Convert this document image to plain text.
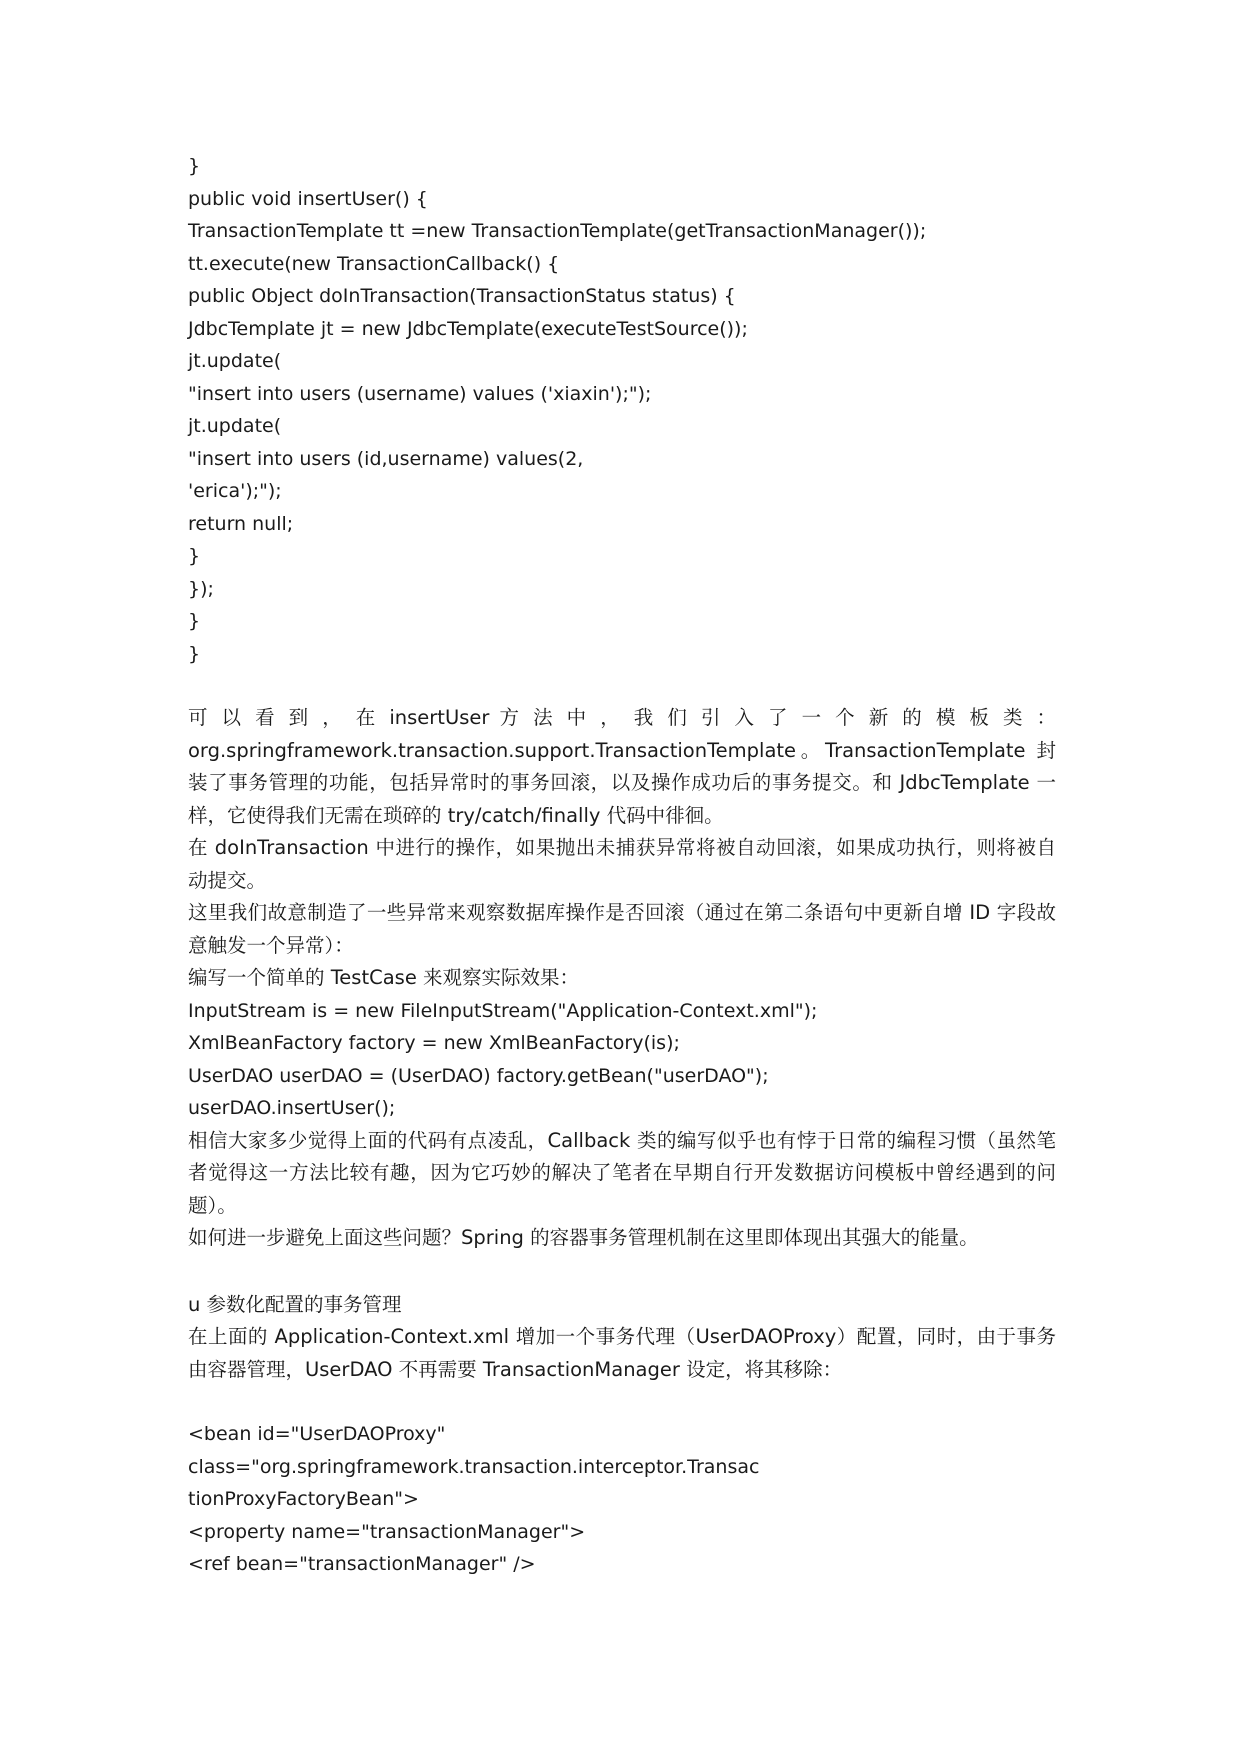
}
public void insertUser() {
TransactionTemplate tt =new TransactionTemplate(getTransactionManager());
tt.execute(new TransactionCallback() {
public Object doInTransaction(TransactionStatus status) {
JdbcTemplate jt = new JdbcTemplate(executeTestSource());
jt.update(
"insert into users (username) values ('xiaxin');");
jt.update(
"insert into users (id,username) values(2,
'erica');");
return null;
}
});
}
}
可 以 看 到 ， 在 insertUser 方 法 中 ， 我 们 引 入 了 一 个 新 的 模 板 类 ：
org.springframework.transaction.support.TransactionTemplate。TransactionTemplate 封装了事务管理的功能，包括异常时的事务回滚，以及操作成功后的事务提交。和 JdbcTemplate 一样，它使得我们无需在琐碎的 try/catch/finally 代码中徘徊。
在 doInTransaction 中进行的操作，如果抛出未捕获异常将被自动回滚，如果成功执行，则将被自动提交。
这里我们故意制造了一些异常来观察数据库操作是否回滚（通过在第二条语句中更新自增 ID 字段故意触发一个异常）：
编写一个简单的 TestCase 来观察实际效果：
InputStream is = new FileInputStream("Application-Context.xml");
XmlBeanFactory factory = new XmlBeanFactory(is);
UserDAO userDAO = (UserDAO) factory.getBean("userDAO");
userDAO.insertUser();
相信大家多少觉得上面的代码有点凌乱，Callback 类的编写似乎也有悖于日常的编程习惯（虽然笔者觉得这一方法比较有趣，因为它巧妙的解决了笔者在早期自行开发数据访问模板中曾经遇到的问题）。
如何进一步避免上面这些问题？Spring 的容器事务管理机制在这里即体现出其强大的能量。
u 参数化配置的事务管理
在上面的 Application-Context.xml 增加一个事务代理（UserDAOProxy）配置，同时，由于事务由容器管理，UserDAO 不再需要 TransactionManager 设定，将其移除：
<bean id="UserDAOProxy"
class="org.springframework.transaction.interceptor.Transac
tionProxyFactoryBean">
<property name="transactionManager">
<ref bean="transactionManager" />
